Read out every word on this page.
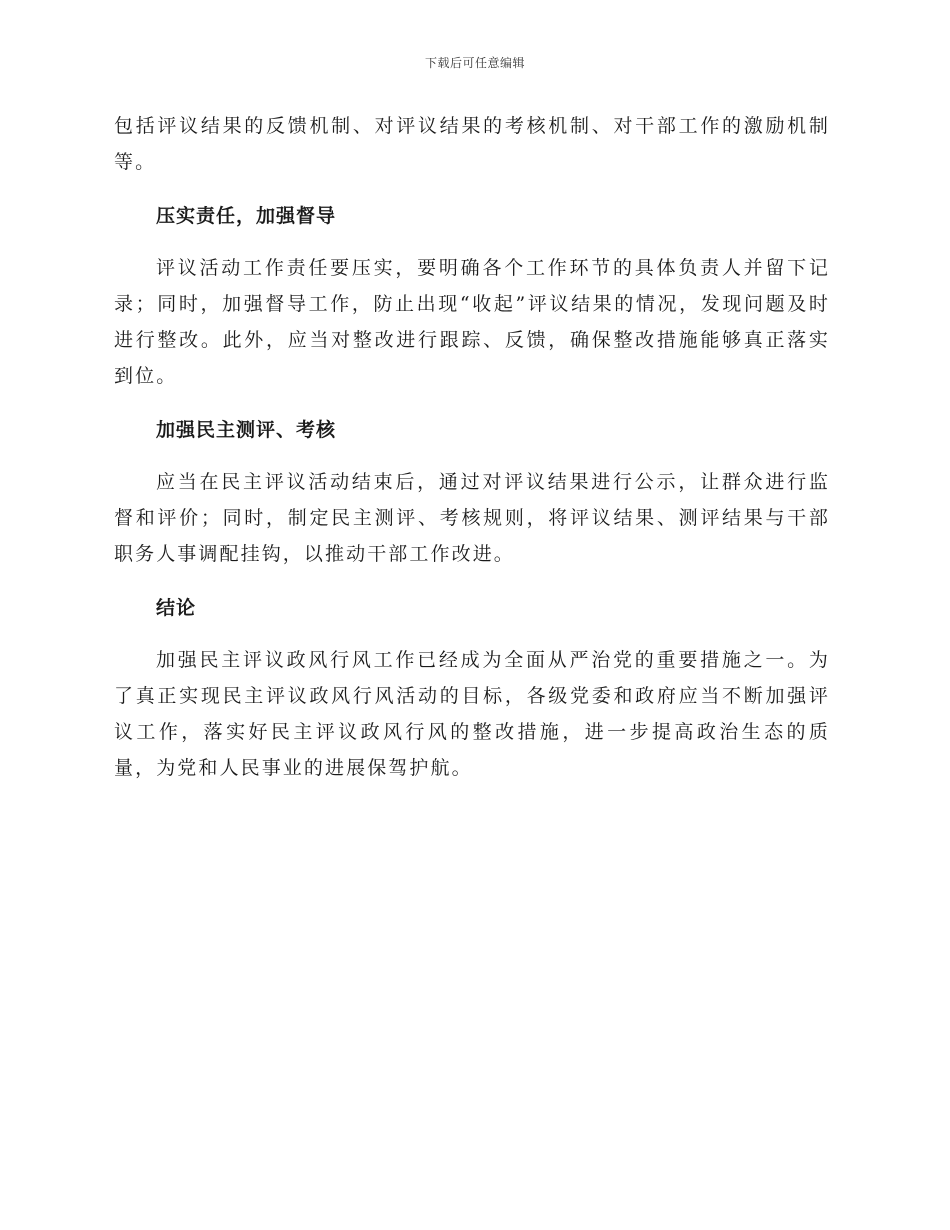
下载后可任意编辑

包括评议结果的反馈机制、对评议结果的考核机制、对干部工作的激励机制等。

压实责任，加强督导

评议活动工作责任要压实，要明确各个工作环节的具体负责人并留下记录；同时，加强督导工作，防止出现“收起”评议结果的情况，发现问题及时进行整改。此外，应当对整改进行跟踪、反馈，确保整改措施能够真正落实到位。

加强民主测评、考核

应当在民主评议活动结束后，通过对评议结果进行公示，让群众进行监督和评价；同时，制定民主测评、考核规则，将评议结果、测评结果与干部职务人事调配挂钩，以推动干部工作改进。

结论

加强民主评议政风行风工作已经成为全面从严治党的重要措施之一。为了真正实现民主评议政风行风活动的目标，各级党委和政府应当不断加强评议工作，落实好民主评议政风行风的整改措施，进一步提高政治生态的质量，为党和人民事业的进展保驾护航。
